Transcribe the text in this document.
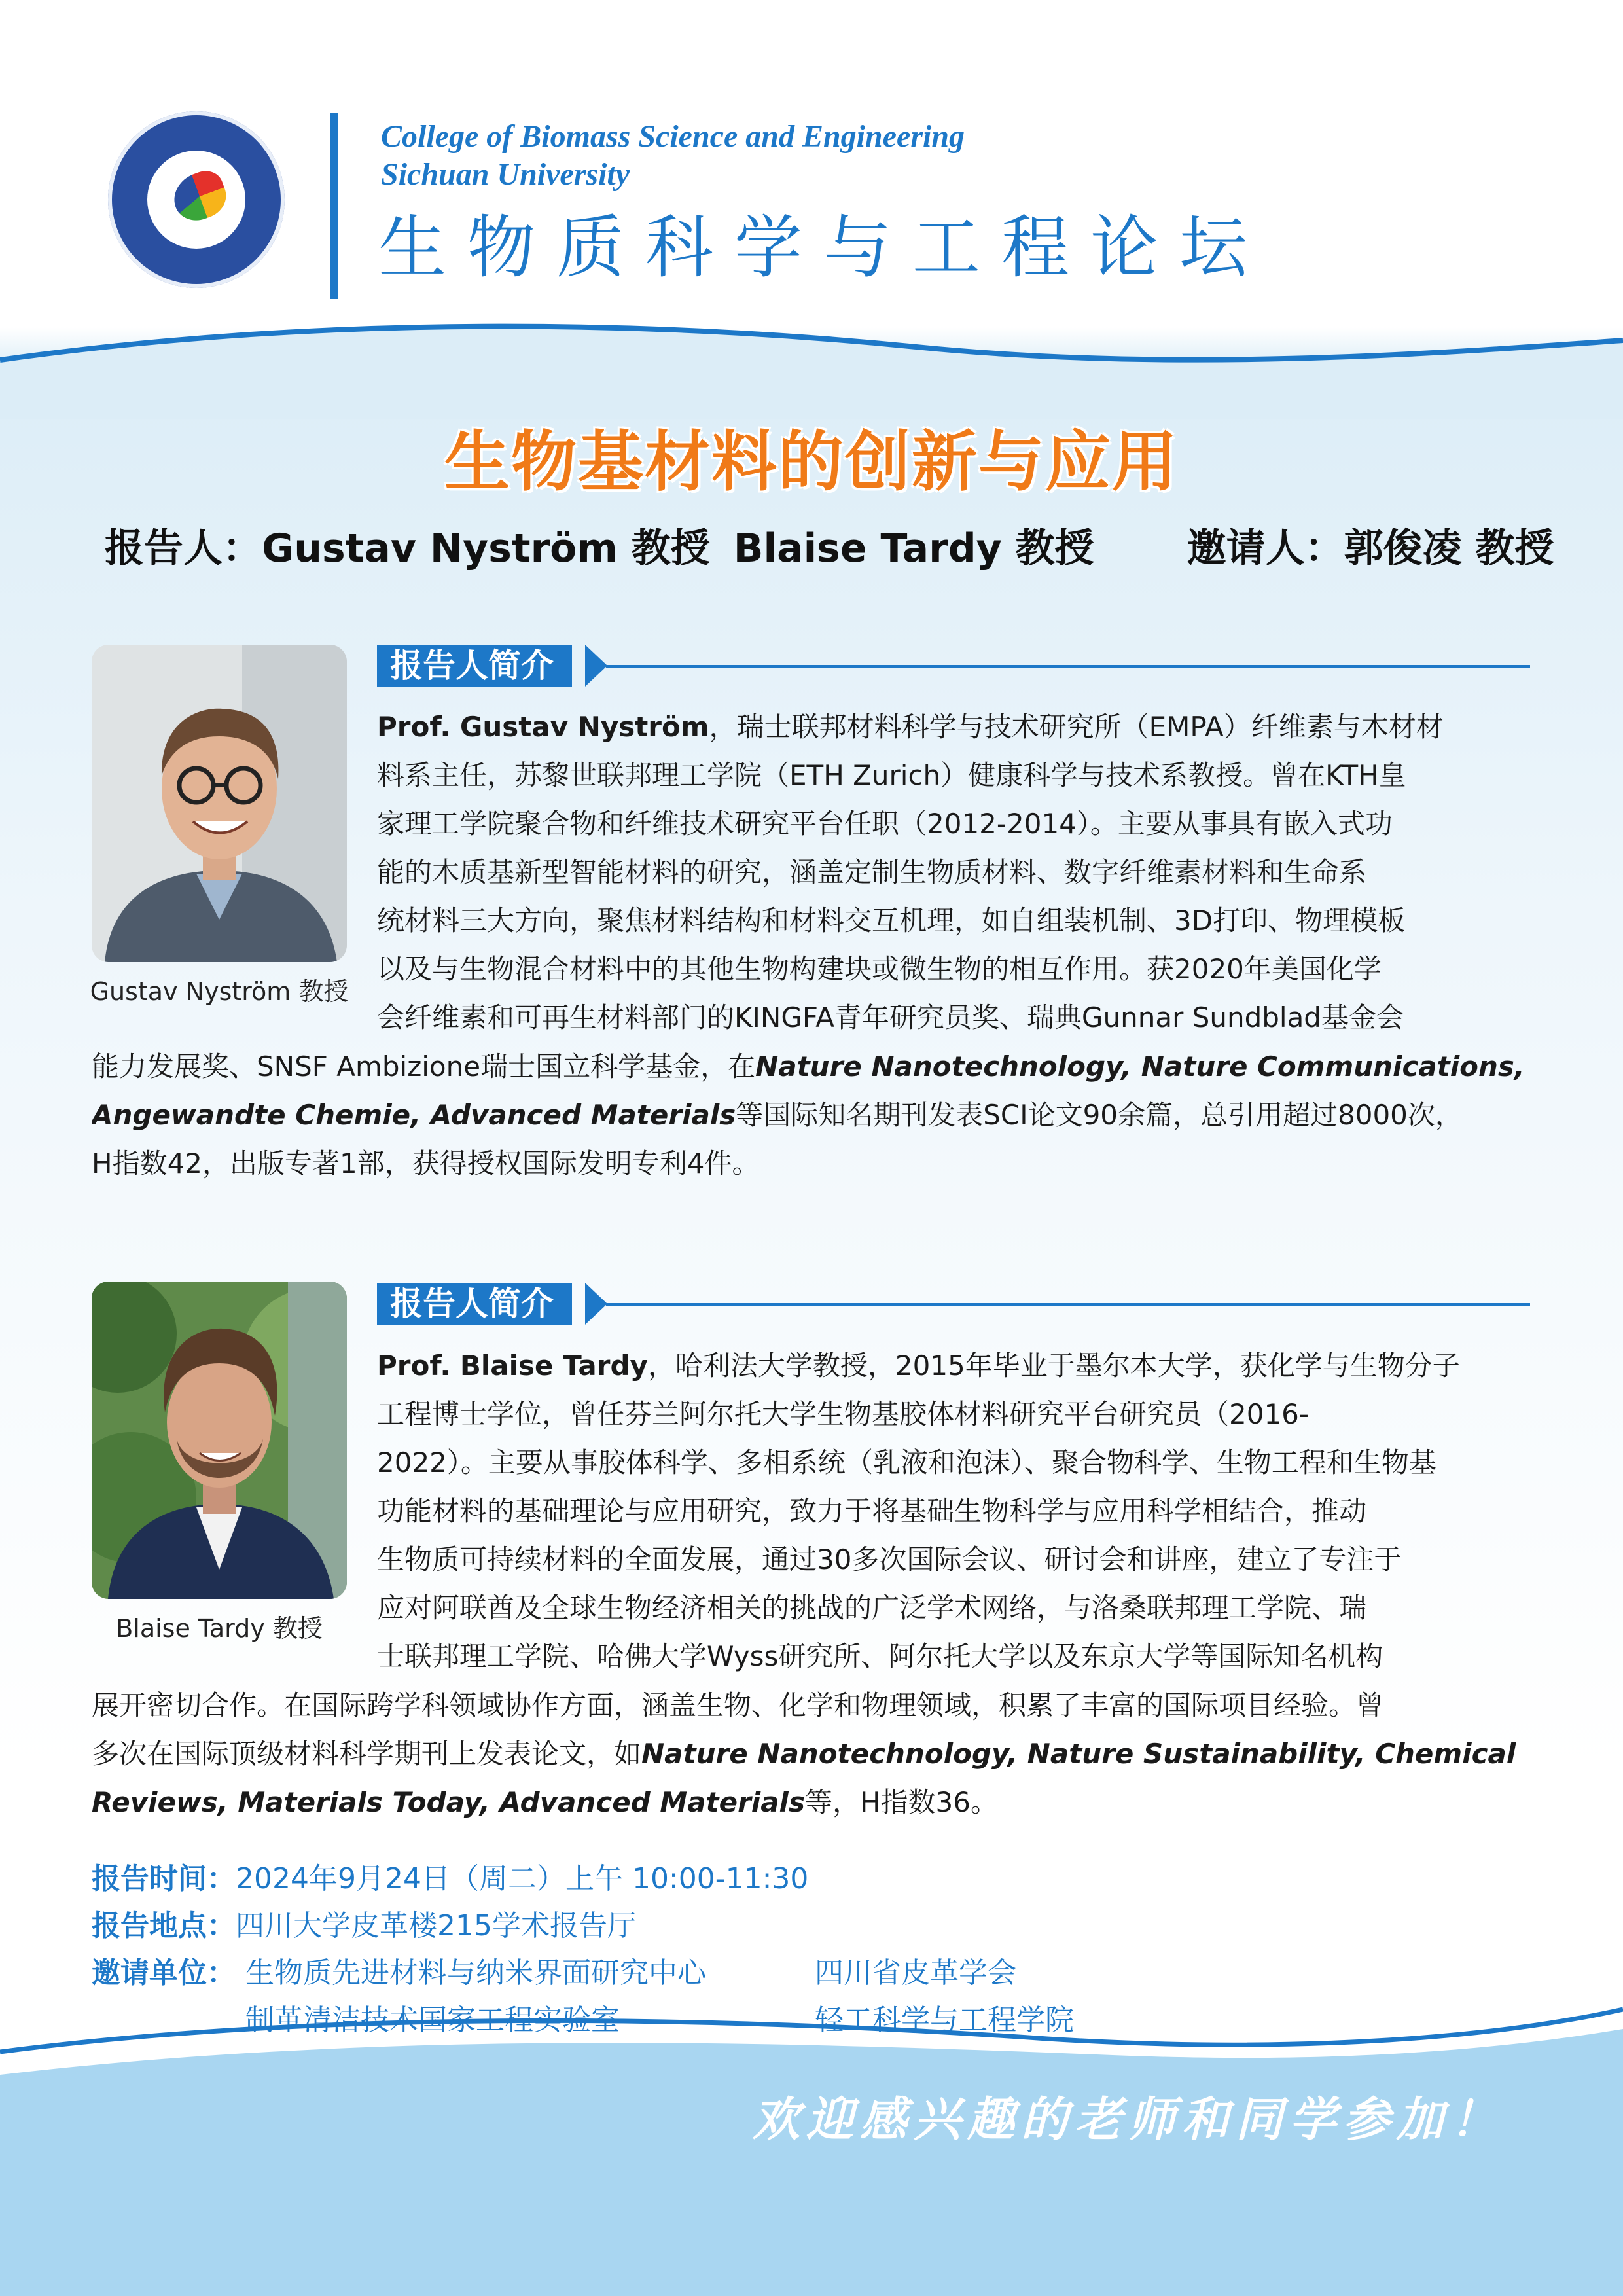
College of Biomass Science and Engineering
Sichuan University
生物质科学与工程论坛
生物基材料的创新与应用
报告人：Gustav Nyström 教授 Blaise Tardy 教授 邀请人：郭俊凌 教授
Gustav Nyström 教授
报告人简介
Prof. Gustav Nyström，瑞士联邦材料科学与技术研究所（EMPA）纤维素与木材材
料系主任，苏黎世联邦理工学院（ETH Zurich）健康科学与技术系教授。曾在KTH皇
家理工学院聚合物和纤维技术研究平台任职（2012-2014）。主要从事具有嵌入式功
能的木质基新型智能材料的研究，涵盖定制生物质材料、数字纤维素材料和生命系
统材料三大方向，聚焦材料结构和材料交互机理，如自组装机制、3D打印、物理模板
以及与生物混合材料中的其他生物构建块或微生物的相互作用。获2020年美国化学
会纤维素和可再生材料部门的KINGFA青年研究员奖、瑞典Gunnar Sundblad基金会
能力发展奖、SNSF Ambizione瑞士国立科学基金，在Nature Nanotechnology, Nature Communications,
Angewandte Chemie, Advanced Materials等国际知名期刊发表SCI论文90余篇，总引用超过8000次，
H指数42，出版专著1部，获得授权国际发明专利4件。
Blaise Tardy 教授
报告人简介
Prof. Blaise Tardy，哈利法大学教授，2015年毕业于墨尔本大学，获化学与生物分子
工程博士学位，曾任芬兰阿尔托大学生物基胶体材料研究平台研究员（2016-
2022）。主要从事胶体科学、多相系统（乳液和泡沫）、聚合物科学、生物工程和生物基
功能材料的基础理论与应用研究，致力于将基础生物科学与应用科学相结合，推动
生物质可持续材料的全面发展，通过30多次国际会议、研讨会和讲座，建立了专注于
应对阿联酋及全球生物经济相关的挑战的广泛学术网络，与洛桑联邦理工学院、瑞
士联邦理工学院、哈佛大学Wyss研究所、阿尔托大学以及东京大学等国际知名机构
展开密切合作。在国际跨学科领域协作方面，涵盖生物、化学和物理领域，积累了丰富的国际项目经验。曾
多次在国际顶级材料科学期刊上发表论文，如Nature Nanotechnology, Nature Sustainability, Chemical
Reviews, Materials Today, Advanced Materials等，H指数36。
报告时间：2024年9月24日（周二）上午 10:00-11:30
报告地点：四川大学皮革楼215学术报告厅
邀请单位： 生物质先进材料与纳米界面研究中心
制革清洁技术国家工程实验室
四川省皮革学会
轻工科学与工程学院
欢迎感兴趣的老师和同学参加！
